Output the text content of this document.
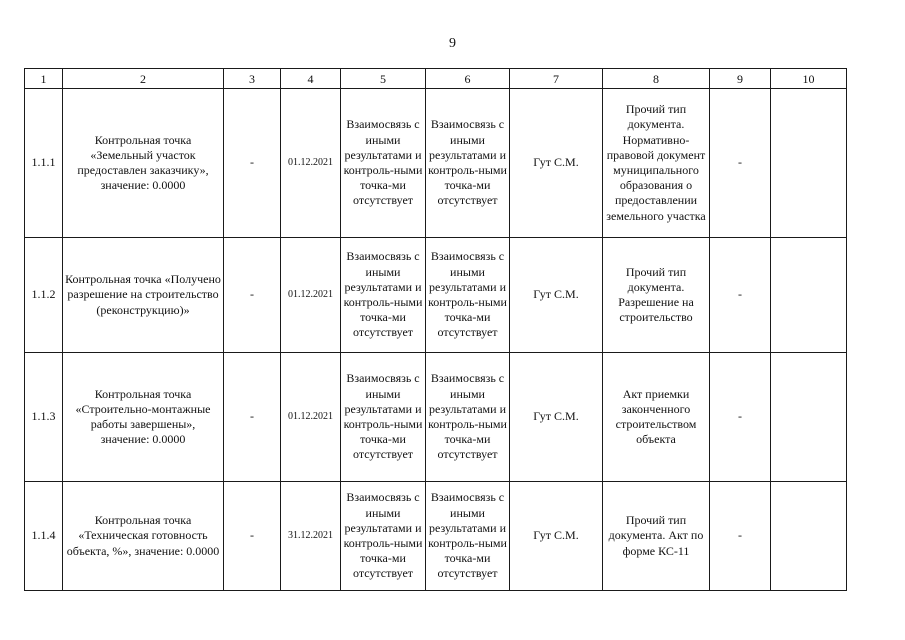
9
1	2	3	4	5	6	7	8	9	10
1.1.1	Контрольная точка «Земельный участок предоставлен заказчику», значение: 0.0000	-	01.12.2021	Взаимосвязь с иными результатами и контроль-ными точка-ми отсутствует	Взаимосвязь с иными результатами и контроль-ными точка-ми отсутствует	Гут С.М.	Прочий тип документа. Нормативно-правовой документ муниципального образования о предоставлении земельного участка	-	
1.1.2	Контрольная точка «Получено разрешение на строительство (реконструкцию)»	-	01.12.2021	Взаимосвязь с иными результатами и контроль-ными точка-ми отсутствует	Взаимосвязь с иными результатами и контроль-ными точка-ми отсутствует	Гут С.М.	Прочий тип документа. Разрешение на строительство	-	
1.1.3	Контрольная точка «Строительно-монтажные работы завершены», значение: 0.0000	-	01.12.2021	Взаимосвязь с иными результатами и контроль-ными точка-ми отсутствует	Взаимосвязь с иными результатами и контроль-ными точка-ми отсутствует	Гут С.М.	Акт приемки законченного строительством объекта	-	
1.1.4	Контрольная точка «Техническая готовность объекта, %», значение: 0.0000	-	31.12.2021	Взаимосвязь с иными результатами и контроль-ными точка-ми отсутствует	Взаимосвязь с иными результатами и контроль-ными точка-ми отсутствует	Гут С.М.	Прочий тип документа. Акт по форме КС-11	-	
